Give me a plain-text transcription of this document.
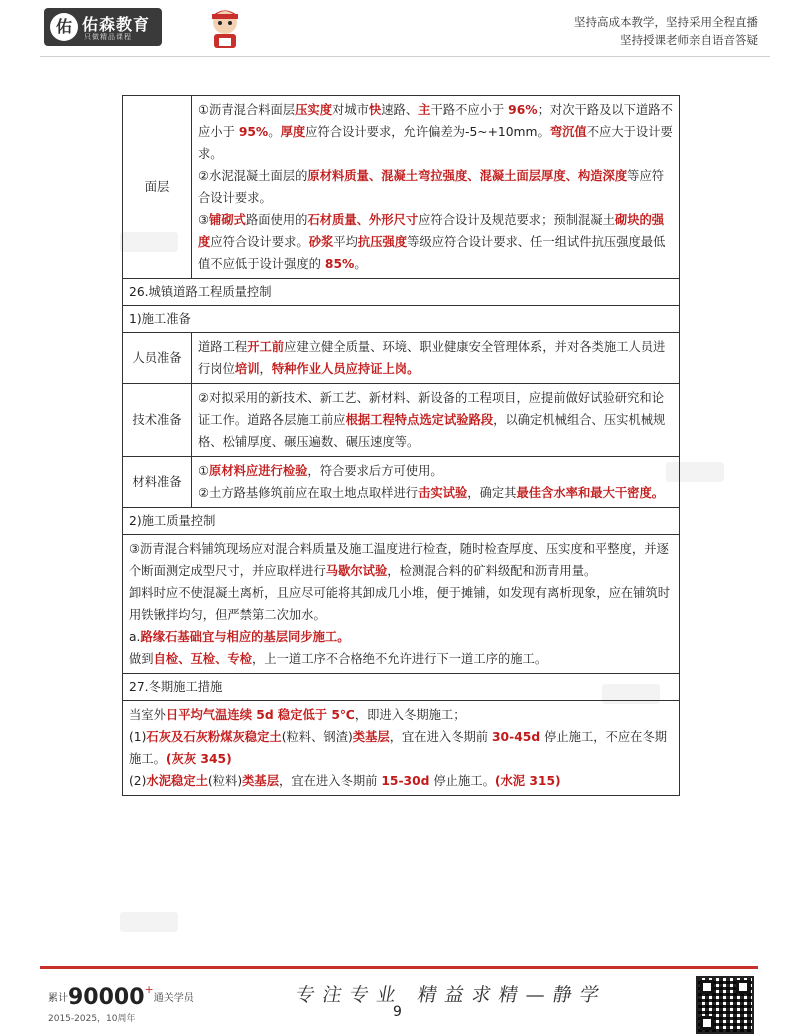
佑 佑森教育
只做精品课程
坚持高成本教学，坚持采用全程直播
坚持授课老师亲自语音答疑
面层	①沥青混合料面层压实度对城市快速路、主干路不应小于 96%；对次干路及以下道路不应小于 95%。厚度应符合设计要求，允许偏差为-5~+10mm。弯沉值不应大于设计要求。
②水泥混凝土面层的原材料质量、混凝土弯拉强度、混凝土面层厚度、构造深度等应符合设计要求。
③铺砌式路面使用的石材质量、外形尺寸应符合设计及规范要求；预制混凝土砌块的强度应符合设计要求。砂浆平均抗压强度等级应符合设计要求、任一组试件抗压强度最低值不应低于设计强度的 85%。

26.城镇道路工程质量控制	
1)施工准备	
人员准备	道路工程开工前应建立健全质量、环境、职业健康安全管理体系，并对各类施工人员进行岗位培训，特种作业人员应持证上岗。

技术准备	②对拟采用的新技术、新工艺、新材料、新设备的工程项目，应提前做好试验研究和论证工作。道路各层施工前应根据工程特点选定试验路段，以确定机械组合、压实机械规格、松铺厚度、碾压遍数、碾压速度等。

材料准备	①原材料应进行检验，符合要求后方可使用。
②土方路基修筑前应在取土地点取样进行击实试验，确定其最佳含水率和最大干密度。

2)施工质量控制	

③沥青混合料铺筑现场应对混合料质量及施工温度进行检查，随时检查厚度、压实度和平整度，并逐个断面测定成型尺寸，并应取样进行马歇尔试验，检测混合料的矿料级配和沥青用量。
卸料时应不使混凝土离析，且应尽可能将其卸成几小堆，便于摊铺，如发现有离析现象，应在铺筑时用铁锹拌均匀，但严禁第二次加水。
a.路缘石基础宜与相应的基层同步施工。
做到自检、互检、专检，上一道工序不合格绝不允许进行下一道工序的施工。	

27.冬期施工措施	

当室外日平均气温连续 5d 稳定低于 5℃，即进入冬期施工；
(1)石灰及石灰粉煤灰稳定土(粒料、钢渣)类基层，宜在进入冬期前 30-45d 停止施工，不应在冬期施工。(灰灰 345)
(2)水泥稳定土(粒料)类基层，宜在进入冬期前 15-30d 停止施工。(水泥 315)	
累计90000+通关学员
2015-2025，10周年
专注专业 精益求精—静学
9
